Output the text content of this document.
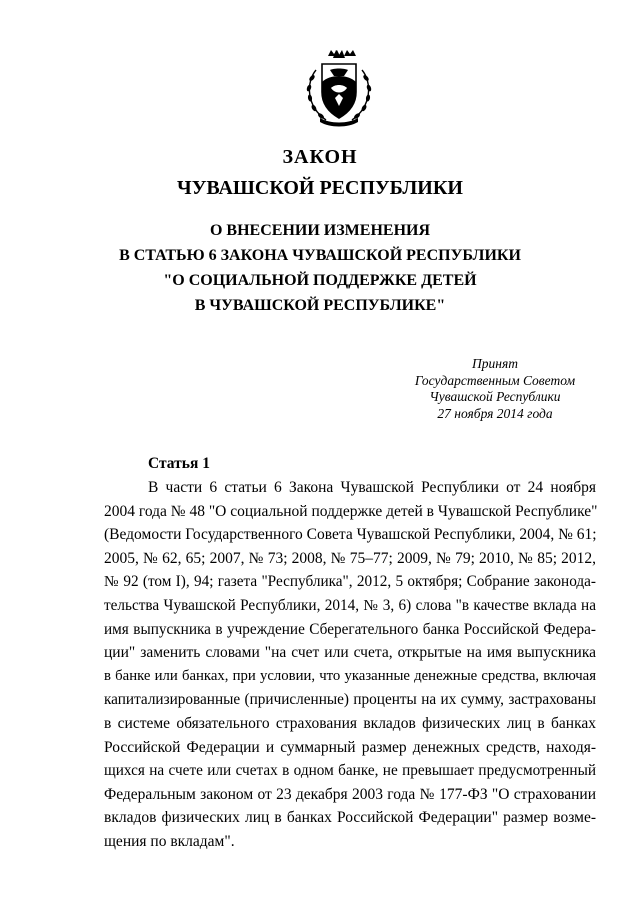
ЗАКОН
ЧУВАШСКОЙ РЕСПУБЛИКИ
О ВНЕСЕНИИ ИЗМЕНЕНИЯ
В СТАТЬЮ 6 ЗАКОНА ЧУВАШСКОЙ РЕСПУБЛИКИ
"О СОЦИАЛЬНОЙ ПОДДЕРЖКЕ ДЕТЕЙ
В ЧУВАШСКОЙ РЕСПУБЛИКЕ"
Принят
Государственным Советом
Чувашской Республики
27 ноября 2014 года
Статья 1
В части 6 статьи 6 Закона Чувашской Республики от 24 ноября
2004 года № 48 "О социальной поддержке детей в Чувашской Республике"
(Ведомости Государственного Совета Чувашской Республики, 2004, № 61;
2005, № 62, 65; 2007, № 73; 2008, № 75–77; 2009, № 79; 2010, № 85; 2012,
№ 92 (том I), 94; газета "Республика", 2012, 5 октября; Собрание законода-
тельства Чувашской Республики, 2014, № 3, 6) слова "в качестве вклада на
имя выпускника в учреждение Сберегательного банка Российской Федера-
ции" заменить словами "на счет или счета, открытые на имя выпускника
в банке или банках, при условии, что указанные денежные средства, включая
капитализированные (причисленные) проценты на их сумму, застрахованы
в системе обязательного страхования вкладов физических лиц в банках
Российской Федерации и суммарный размер денежных средств, находя-
щихся на счете или счетах в одном банке, не превышает предусмотренный
Федеральным законом от 23 декабря 2003 года № 177-ФЗ "О страховании
вкладов физических лиц в банках Российской Федерации" размер возме-
щения по вкладам".
